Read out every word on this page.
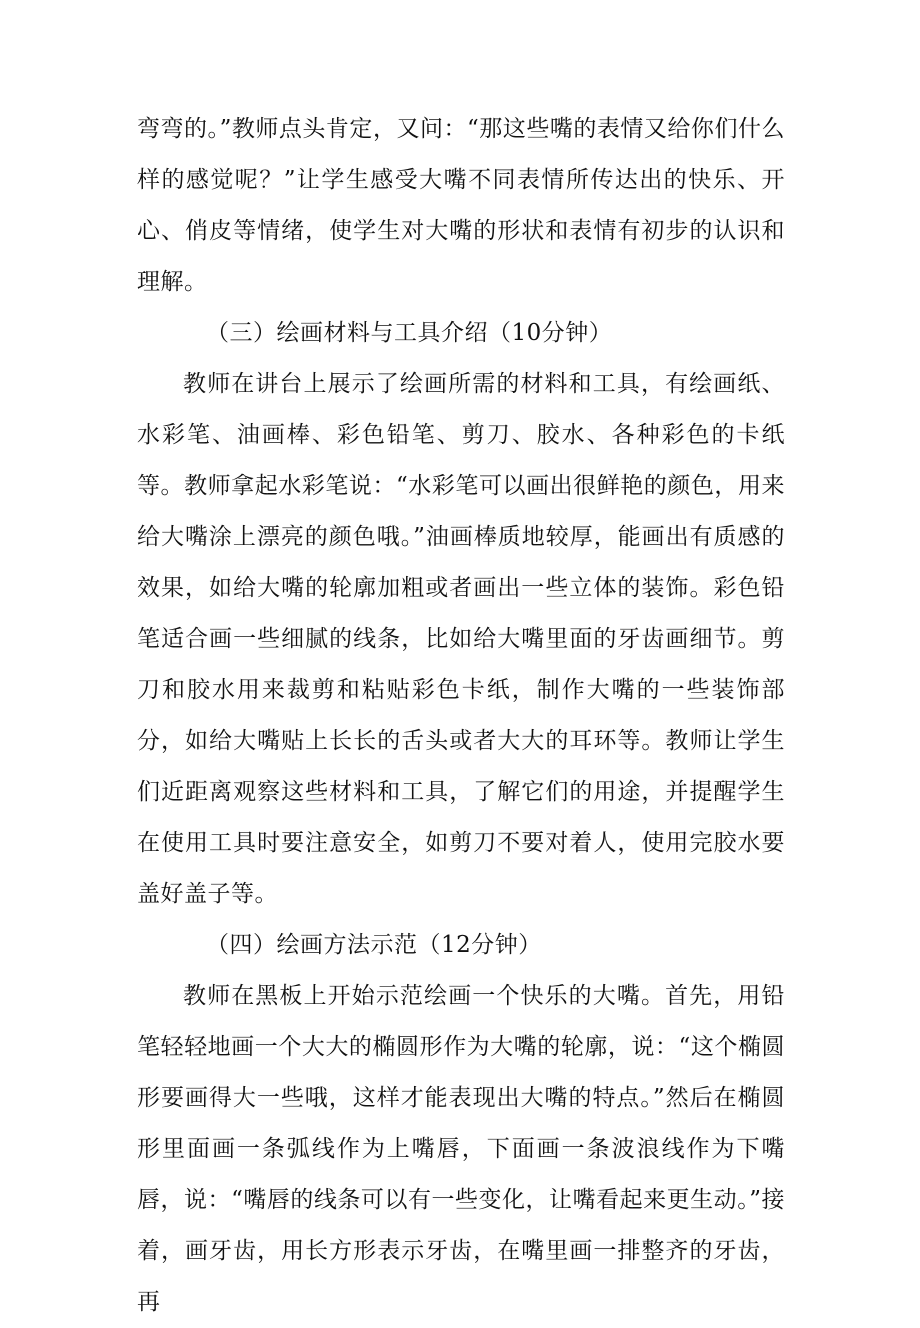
弯弯的。”教师点头肯定，又问：“那这些嘴的表情又给你们什么样的感觉呢？”让学生感受大嘴不同表情所传达出的快乐、开心、俏皮等情绪，使学生对大嘴的形状和表情有初步的认识和理解。

（三）绘画材料与工具介绍（10分钟）

教师在讲台上展示了绘画所需的材料和工具，有绘画纸、水彩笔、油画棒、彩色铅笔、剪刀、胶水、各种彩色的卡纸等。教师拿起水彩笔说：“水彩笔可以画出很鲜艳的颜色，用来给大嘴涂上漂亮的颜色哦。”油画棒质地较厚，能画出有质感的效果，如给大嘴的轮廓加粗或者画出一些立体的装饰。彩色铅笔适合画一些细腻的线条，比如给大嘴里面的牙齿画细节。剪刀和胶水用来裁剪和粘贴彩色卡纸，制作大嘴的一些装饰部分，如给大嘴贴上长长的舌头或者大大的耳环等。教师让学生们近距离观察这些材料和工具，了解它们的用途，并提醒学生在使用工具时要注意安全，如剪刀不要对着人，使用完胶水要盖好盖子等。

（四）绘画方法示范（12分钟）

教师在黑板上开始示范绘画一个快乐的大嘴。首先，用铅笔轻轻地画一个大大的椭圆形作为大嘴的轮廓，说：“这个椭圆形要画得大一些哦，这样才能表现出大嘴的特点。”然后在椭圆形里面画一条弧线作为上嘴唇，下面画一条波浪线作为下嘴唇，说：“嘴唇的线条可以有一些变化，让嘴看起来更生动。”接着，画牙齿，用长方形表示牙齿，在嘴里画一排整齐的牙齿，再
